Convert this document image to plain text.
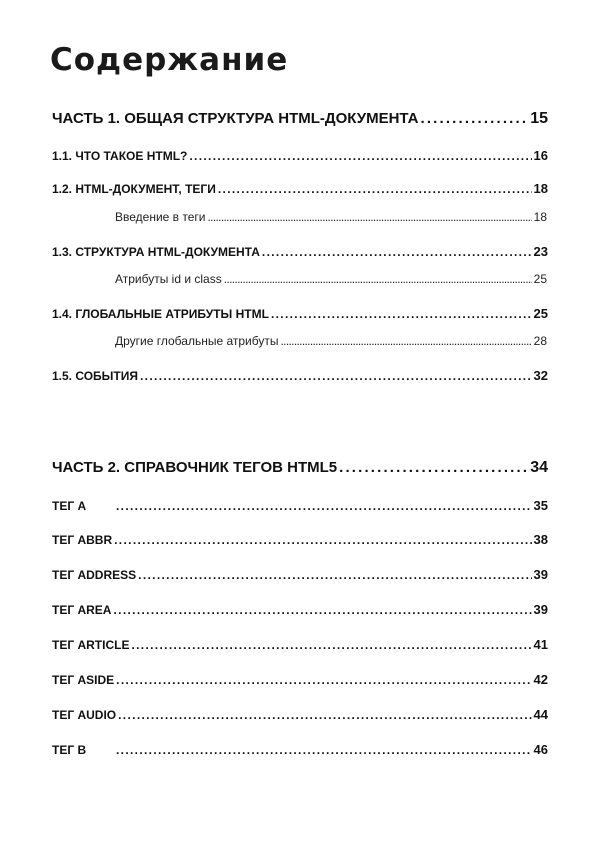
Содержание
ЧАСТЬ 1. ОБЩАЯ СТРУКТУРА HTML-ДОКУМЕНТА . . .	15
1.1. ЧТО ТАКОЕ HTML? . . .	16
1.2. HTML-ДОКУМЕНТ, ТЕГИ . . .	18
Введение в теги . . .	18
1.3. СТРУКТУРА HTML-ДОКУМЕНТА . . .	23
Атрибуты id и class . . .	25
1.4. ГЛОБАЛЬНЫЕ АТРИБУТЫ HTML . . .	25
Другие глобальные атрибуты . . .	28
1.5. СОБЫТИЯ . . .	32
ЧАСТЬ 2. СПРАВОЧНИК ТЕГОВ HTML5 . . .	34
ТЕГ A . . .	35
ТЕГ ABBR . . .	38
ТЕГ ADDRESS . . .	39
ТЕГ AREA . . .	39
ТЕГ ARTICLE . . .	41
ТЕГ ASIDE . . .	42
ТЕГ AUDIO . . .	44
ТЕГ B . . .	46
